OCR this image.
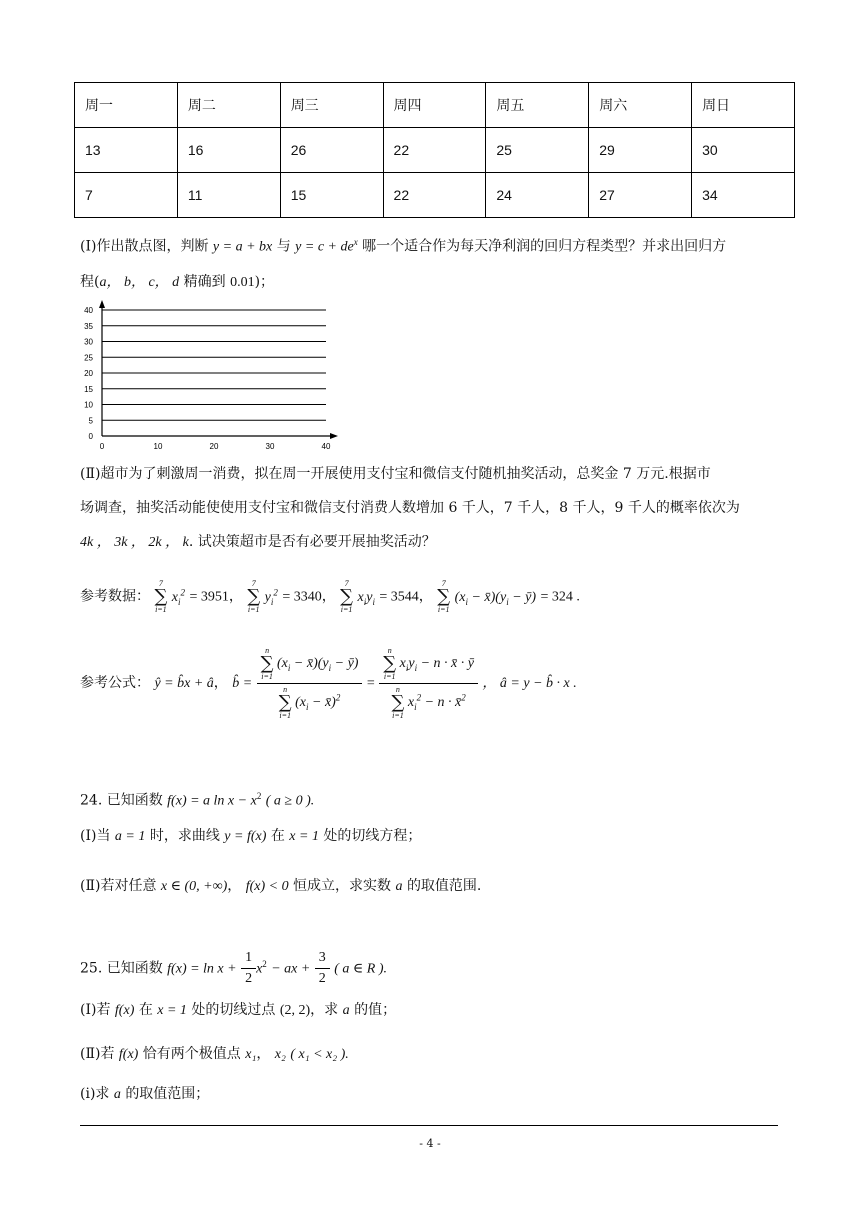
周一	周二	周三	周四	周五	周六	周日
13	16	26	22	25	29	30
7	11	15	22	24	27	34
(Ⅰ)作出散点图，判断 y = a + bx 与 $y = c + de^x$ 哪一个适合作为每天净利润的回归方程类型？并求出回归方
程(a， b， c， d 精确到 0.01)；
0
5
10
15
20
25
30
35
40
0	10	20	30	40
(Ⅱ)超市为了刺激周一消费，拟在周一开展使用支付宝和微信支付随机抽奖活动，总奖金 7 万元.根据市
场调查，抽奖活动能使使用支付宝和微信支付消费人数增加 6 千人，7 千人，8 千人，9 千人的概率依次为
4k ， 3k ， 2k ， k. 试决策超市是否有必要开展抽奖活动？
参考数据：
7
∑
i=1
$x_i^2 = 3951$，
7
∑
i=1
$y_i^2 = 3340$，
7
∑
i=1
$x_iy_i = 3544$，
7
∑
i=1
($x_i$ − $x̄)(y_i$ − ȳ) = 324 .
参考公式： ŷ = b̂x + â， b̂ = n
∑
i=1
($x_i$ − $x̄)(y_i$ − ȳ)
n
∑
i=1
($x_i$ − x̄)$^2$ = n
∑
i=1
$x_iy_i - n$ · x̄ · ȳ
n
∑
i=1
$x_i^2 - n$ · x̄$^2$ ， â = y − b̂ · x .
24. 已知函数 f(x) = a $\ln x - x^2$ ( a ≥ 0 ).
(Ⅰ)当 a = 1 时，求曲线 y = f(x) 在 x = 1 处的切线方程；
(Ⅱ)若对任意 x ∈ (0, +∞)， f(x) < 0 恒成立，求实数 a 的取值范围.
25. 已知函数 $f(x) = \ln x + \frac{1}{2} x^2$ − ax + $\frac{3}{2}$ ( a ∈ R ).
(Ⅰ)若 f(x) 在 x = 1 处的切线过点 (2, 2)，求 a 的值；
(Ⅱ)若 f(x) 恰有两个极值点 x₁， x₂ ( x₁ < x₂ ).
(ⅰ)求 a 的取值范围；
- 4 -
